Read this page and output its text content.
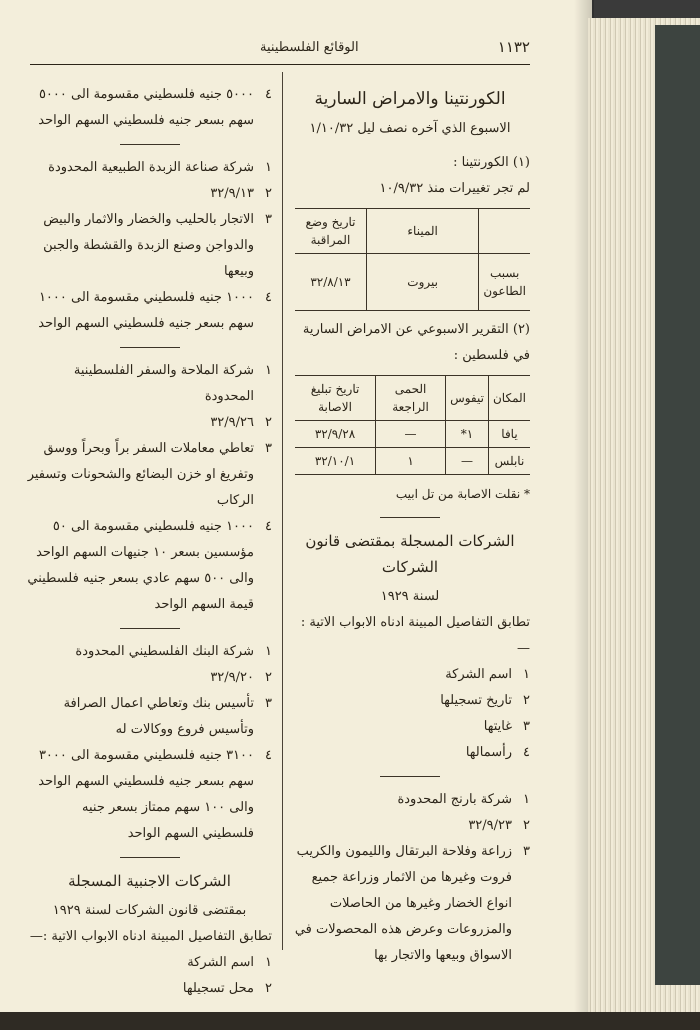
١١٣٢
الوقائع الفلسطينية
الكورنتينا والامراض السارية
الاسبوع الذي آخره نصف ليل ١/١٠/٣٢
(١) الكورنتينا :
لم تجر تغييرات منذ ١٠/٩/٣٢
	الميناء	تاريخ وضع المراقبة
بسبب الطاعون	بيروت	٣٢/٨/١٣
(٢) التقرير الاسبوعي عن الامراض السارية في فلسطين :
المكان	تيفوس	الحمى الراجعة	تاريخ تبليغ الاصابة
يافا	١*	—	٣٢/٩/٢٨
نابلس	—	١	٣٢/١٠/١
* نقلت الاصابة من تل ابيب
الشركات المسجلة بمقتضى قانون الشركات
لسنة ١٩٢٩
تطابق التفاصيل المبينة ادناه الابواب الاتية :—
١
اسم الشركة
٢
تاريخ تسجيلها
٣
غايتها
٤
رأسمالها
١
شركة بارنج المحدودة
٢
٣٢/٩/٢٣
٣
زراعة وفلاحة البرتقال والليمون والكريب فروت وغيرها من الاثمار وزراعة جميع انواع الخضار وغيرها من الحاصلات والمزروعات وعرض هذه المحصولات في الاسواق وبيعها والاتجار بها
٤
٥٠٠٠ جنيه فلسطيني مقسومة الى ٥٠٠٠ سهم بسعر جنيه فلسطيني السهم الواحد
١
شركة صناعة الزبدة الطبيعية المحدودة
٢
٣٢/٩/١٣
٣
الاتجار بالحليب والخضار والاثمار والبيض والدواجن وصنع الزبدة والقشطة والجبن وبيعها
٤
١٠٠٠ جنيه فلسطيني مقسومة الى ١٠٠٠ سهم بسعر جنيه فلسطيني السهم الواحد
١
شركة الملاحة والسفر الفلسطينية المحدودة
٢
٣٢/٩/٢٦
٣
تعاطي معاملات السفر براً وبحراً ووسق وتفريغ او خزن البضائع والشحونات وتسفير الركاب
٤
١٠٠٠ جنيه فلسطيني مقسومة الى ٥٠ مؤسسين بسعر ١٠ جنيهات السهم الواحد والى ٥٠٠ سهم عادي بسعر جنيه فلسطيني قيمة السهم الواحد
١
شركة البنك الفلسطيني المحدودة
٢
٣٢/٩/٢٠
٣
تأسيس بنك وتعاطي اعمال الصرافة وتأسيس فروع ووكالات له
٤
٣١٠٠ جنيه فلسطيني مقسومة الى ٣٠٠٠ سهم بسعر جنيه فلسطيني السهم الواحد والى ١٠٠ سهم ممتاز بسعر جنيه فلسطيني السهم الواحد
الشركات الاجنبية المسجلة
بمقتضى قانون الشركات لسنة ١٩٢٩
تطابق التفاصيل المبينة ادناه الابواب الاتية :—
١
اسم الشركة
٢
محل تسجيلها
